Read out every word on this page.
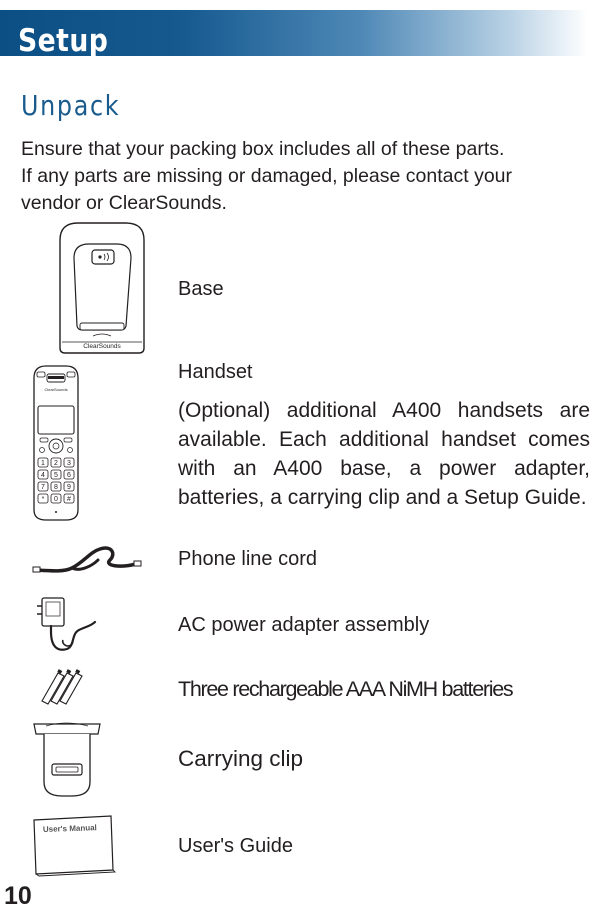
Setup
Unpack

Ensure that your packing box includes all of these parts.
If any parts are missing or damaged, please contact your
vendor or ClearSounds.

ClearSounds

Base

ClearSounds
1 2 3
4 5 6
7 8 9
* 0 #

Handset

(Optional) additional A400 handsets are available. Each additional handset comes with an A400 base, a power adapter, batteries, a carrying clip and a Setup Guide.

Phone line cord

AC power adapter assembly

Three rechargeable AAA NiMH batteries

Carrying clip

User's Manual

User's Guide

10
